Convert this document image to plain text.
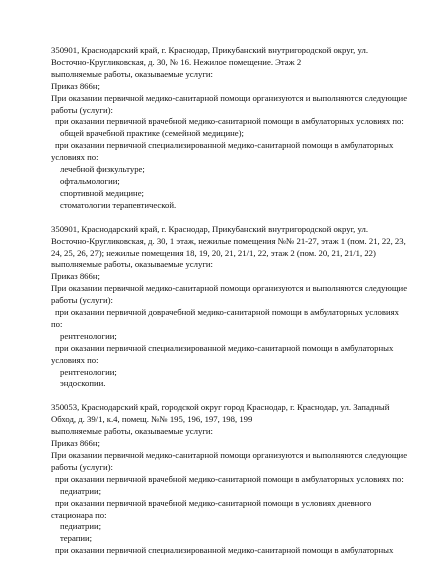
350901, Краснодарский край, г. Краснодар, Прикубанский внутригородской округ, ул.
Восточно-Кругликовская, д. 30, № 16. Нежилое помещение. Этаж 2
выполняемые работы, оказываемые услуги:
Приказ 866н;
При оказании первичной медико-санитарной помощи организуются и выполняются следующие
работы (услуги):
при оказании первичной врачебной медико-санитарной помощи в амбулаторных условиях по:
общей врачебной практике (семейной медицине);
при оказании первичной специализированной медико-санитарной помощи в амбулаторных
условиях по:
лечебной физкультуре;
офтальмологии;
спортивной медицине;
стоматологии терапевтической.
350901, Краснодарский край, г. Краснодар, Прикубанский внутригородской округ, ул.
Восточно-Кругликовская, д. 30, 1 этаж, нежилые помещения №№ 21-27, этаж 1 (пом. 21, 22, 23,
24, 25, 26, 27); нежилые помещения 18, 19, 20, 21, 21/1, 22, этаж 2 (пом. 20, 21, 21/1, 22)
выполняемые работы, оказываемые услуги:
Приказ 866н;
При оказании первичной медико-санитарной помощи организуются и выполняются следующие
работы (услуги):
при оказании первичной доврачебной медико-санитарной помощи в амбулаторных условиях
по:
рентгенологии;
при оказании первичной специализированной медико-санитарной помощи в амбулаторных
условиях по:
рентгенологии;
эндоскопии.
350053, Краснодарский край, городской округ город Краснодар, г. Краснодар, ул. Западный
Обход, д. 39/1, к.4, помещ. №№ 195, 196, 197, 198, 199
выполняемые работы, оказываемые услуги:
Приказ 866н;
При оказании первичной медико-санитарной помощи организуются и выполняются следующие
работы (услуги):
при оказании первичной врачебной медико-санитарной помощи в амбулаторных условиях по:
педиатрии;
при оказании первичной врачебной медико-санитарной помощи в условиях дневного
стационара по:
педиатрии;
терапии;
при оказании первичной специализированной медико-санитарной помощи в амбулаторных
